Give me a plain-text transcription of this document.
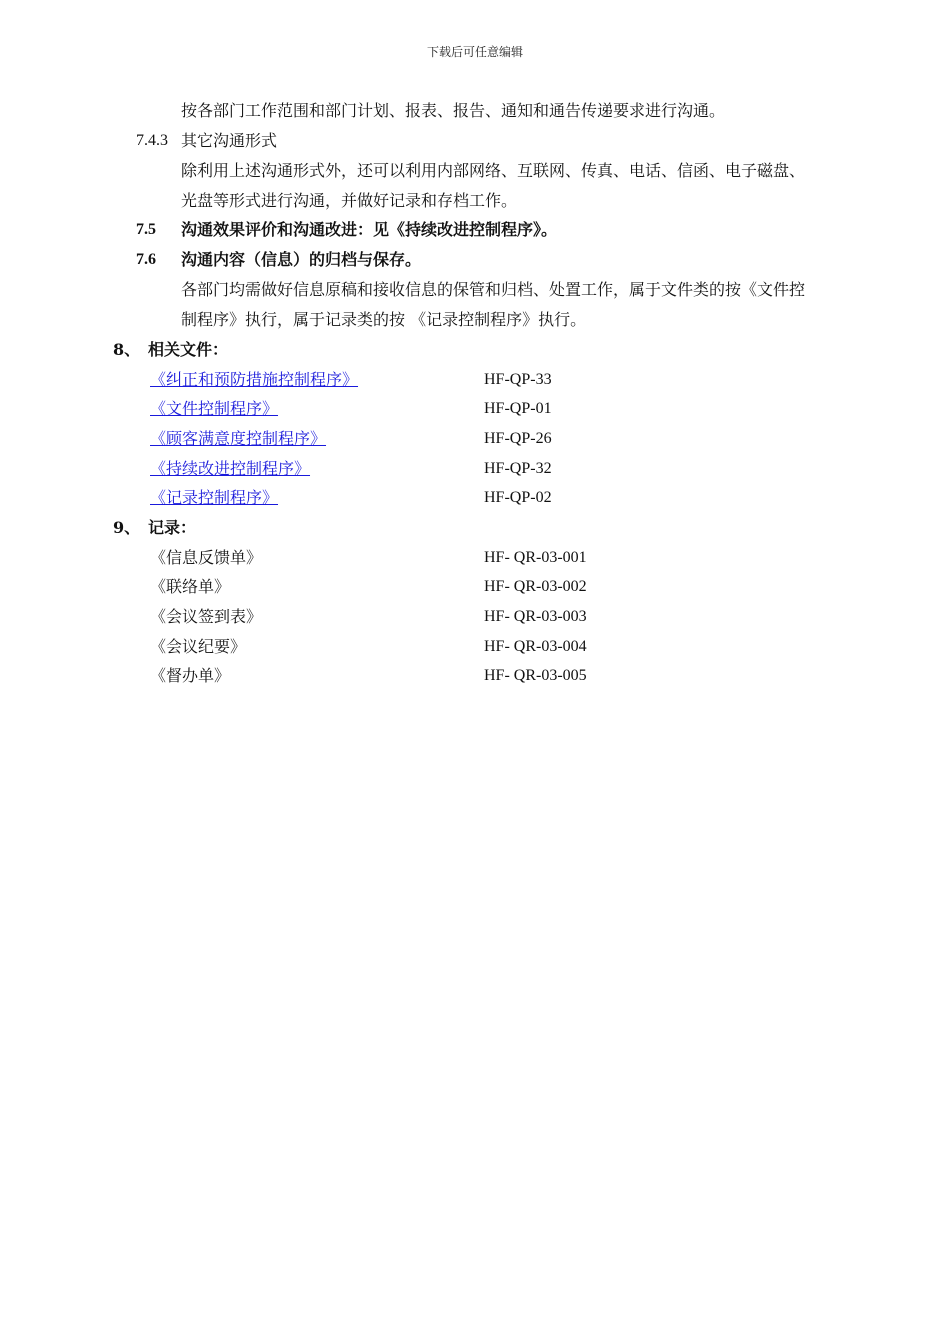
下载后可任意编辑
按各部门工作范围和部门计划、报表、报告、通知和通告传递要求进行沟通。
7.4.3 其它沟通形式
除利用上述沟通形式外，还可以利用内部网络、互联网、传真、电话、信函、电子磁盘、
光盘等形式进行沟通，并做好记录和存档工作。
7.5 沟通效果评价和沟通改进：见《持续改进控制程序》。
7.6 沟通内容（信息）的归档与保存。
各部门均需做好信息原稿和接收信息的保管和归档、处置工作，属于文件类的按《文件控
制程序》执行，属于记录类的按 《记录控制程序》执行。
8、 相关文件：
《纠正和预防措施控制程序》	HF-QP-33
《文件控制程序》	HF-QP-01
《顾客满意度控制程序》	HF-QP-26
《持续改进控制程序》	HF-QP-32
《记录控制程序》	HF-QP-02
9、 记录：
《信息反馈单》	HF- QR-03-001
《联络单》	HF- QR-03-002
《会议签到表》	HF- QR-03-003
《会议纪要》	HF- QR-03-004
《督办单》	HF- QR-03-005
